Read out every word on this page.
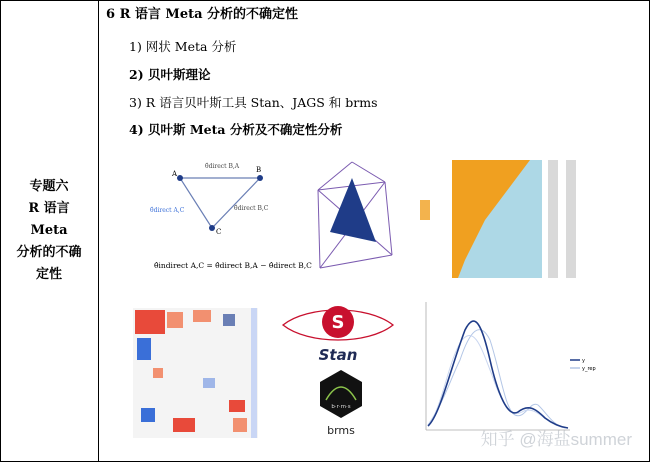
专题六
R 语言 Meta
分析的不确
定性
6 R 语言 Meta 分析的不确定性
1) 网状 Meta 分析
2) 贝叶斯理论
3) R 语言贝叶斯工具 Stan、JAGS 和 brms
4) 贝叶斯 Meta 分析及不确定性分析
A	B
C
θ̂direct B,A
θ̂direct A,C	θ̂direct B,C
θ̂indirect A,C = θ̂direct B,A − θ̂direct B,C
S
Stan
b·r·m·s
brms
y
y_rep
知乎 @海盐summer
